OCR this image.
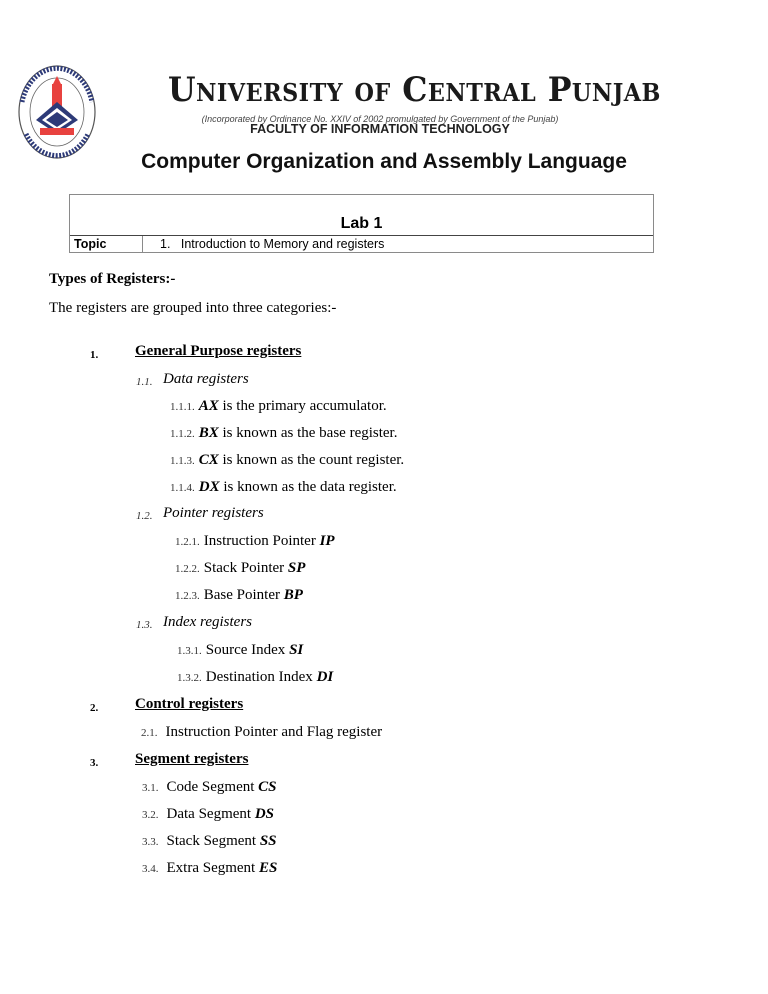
University of Central Punjab
(Incorporated by Ordinance No. XXIV of 2002 promulgated by Government of the Punjab)
FACULTY OF INFORMATION TECHNOLOGY
Computer Organization and Assembly Language
Lab 1
Topic	1.   Introduction to Memory and registers
Types of Registers:-
The registers are grouped into three categories:-
1. General Purpose registers
1.1. Data registers
1.1.1. AX is the primary accumulator.
1.1.2. BX is known as the base register.
1.1.3. CX is known as the count register.
1.1.4. DX is known as the data register.
1.2. Pointer registers
1.2.1. Instruction Pointer IP
1.2.2. Stack Pointer SP
1.2.3. Base Pointer BP
1.3. Index registers
1.3.1. Source Index SI
1.3.2. Destination Index DI
2. Control registers
2.1. Instruction Pointer and Flag register
3. Segment registers
3.1. Code Segment CS
3.2. Data Segment DS
3.3. Stack Segment SS
3.4. Extra Segment ES
